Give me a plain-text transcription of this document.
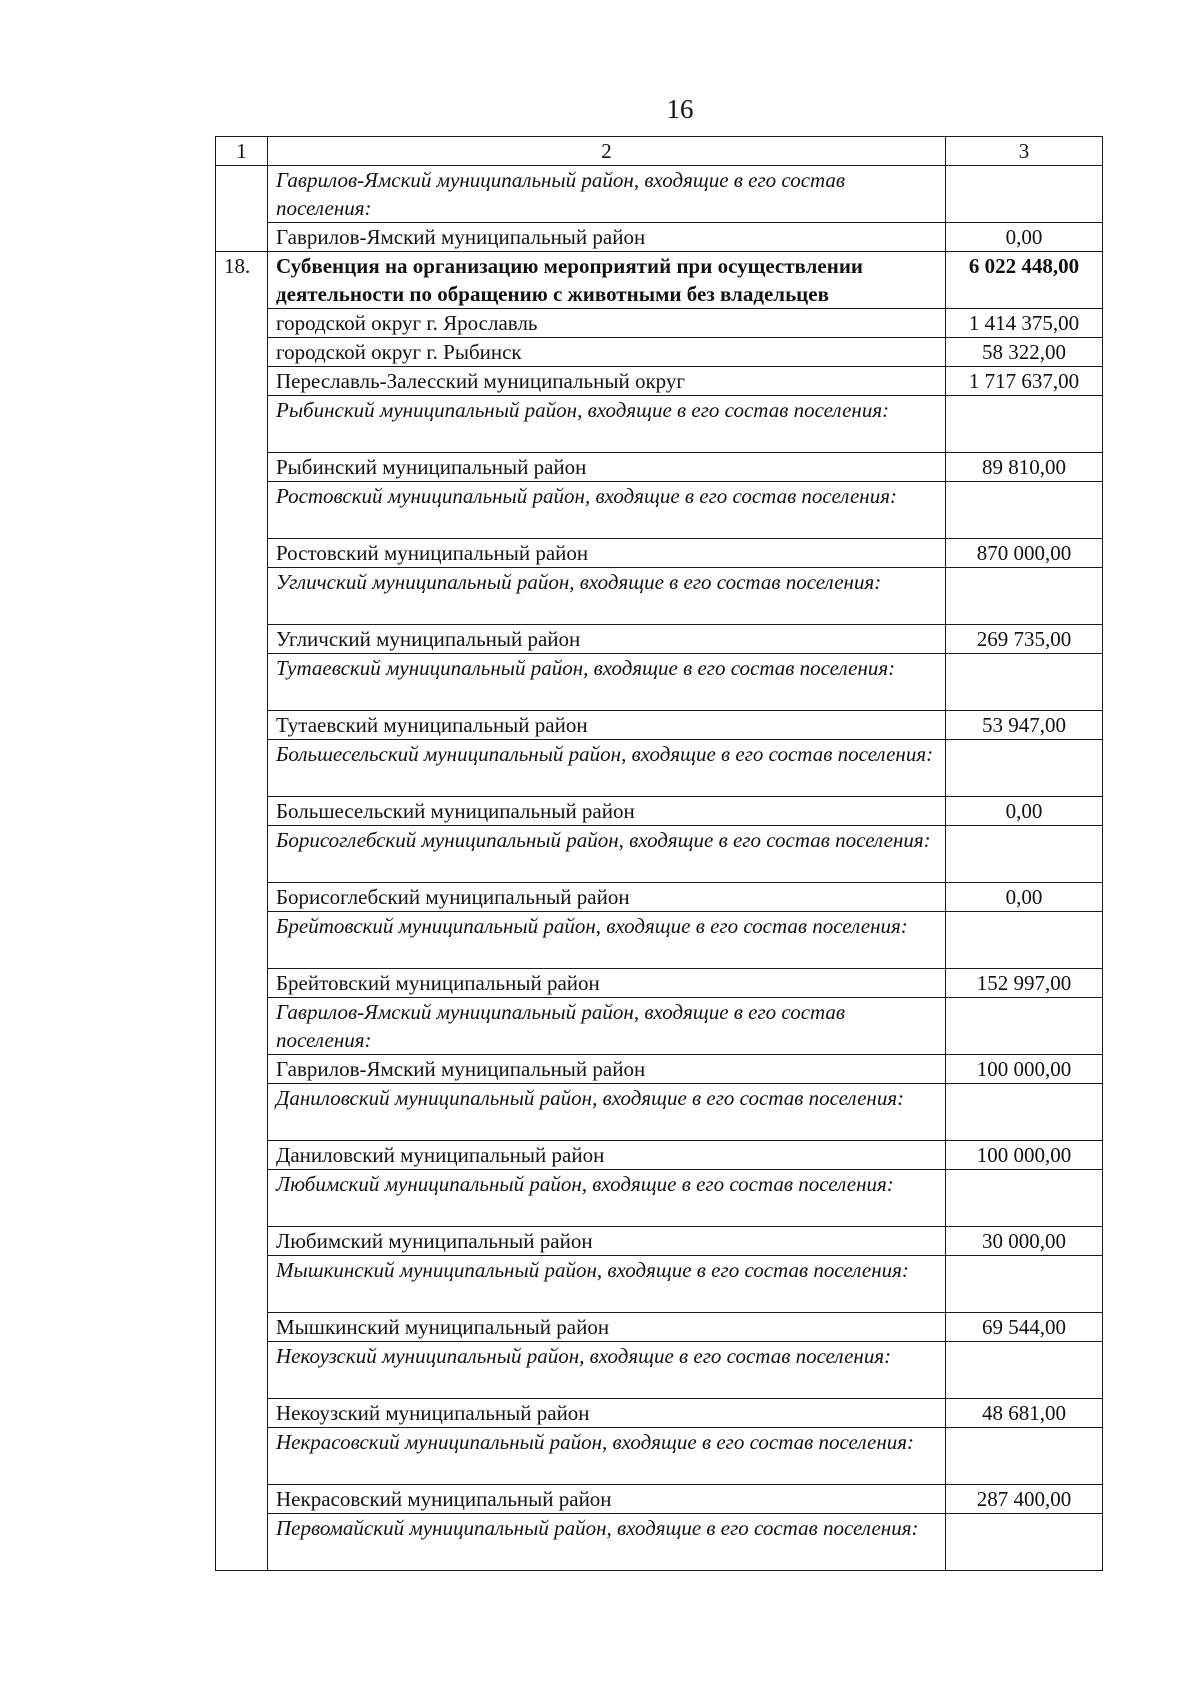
16
1	2	3
	Гаврилов-Ямский муниципальный район, входящие в его состав поселения:	
	Гаврилов-Ямский муниципальный район	0,00
18.	Субвенция на организацию мероприятий при осуществлении деятельности по обращению с животными без владельцев	6 022 448,00
	городской округ г. Ярославль	1 414 375,00
	городской округ г. Рыбинск	58 322,00
	Переславль-Залесский муниципальный округ	1 717 637,00
	Рыбинский муниципальный район, входящие в его состав поселения:	
	Рыбинский муниципальный район	89 810,00
	Ростовский муниципальный район, входящие в его состав поселения:	
	Ростовский муниципальный район	870 000,00
	Угличский муниципальный район, входящие в его состав поселения:	
	Угличский муниципальный район	269 735,00
	Тутаевский муниципальный район, входящие в его состав поселения:	
	Тутаевский муниципальный район	53 947,00
	Большесельский муниципальный район, входящие в его состав поселения:	
	Большесельский муниципальный район	0,00
	Борисоглебский муниципальный район, входящие в его состав поселения:	
	Борисоглебский муниципальный район	0,00
	Брейтовский муниципальный район, входящие в его состав поселения:	
	Брейтовский муниципальный район	152 997,00
	Гаврилов-Ямский муниципальный район, входящие в его состав поселения:	
	Гаврилов-Ямский муниципальный район	100 000,00
	Даниловский муниципальный район, входящие в его состав поселения:	
	Даниловский муниципальный район	100 000,00
	Любимский муниципальный район, входящие в его состав поселения:	
	Любимский муниципальный район	30 000,00
	Мышкинский муниципальный район, входящие в его состав поселения:	
	Мышкинский муниципальный район	69 544,00
	Некоузский муниципальный район, входящие в его состав поселения:	
	Некоузский муниципальный район	48 681,00
	Некрасовский муниципальный район, входящие в его состав поселения:	
	Некрасовский муниципальный район	287 400,00
	Первомайский муниципальный район, входящие в его состав поселения:	
